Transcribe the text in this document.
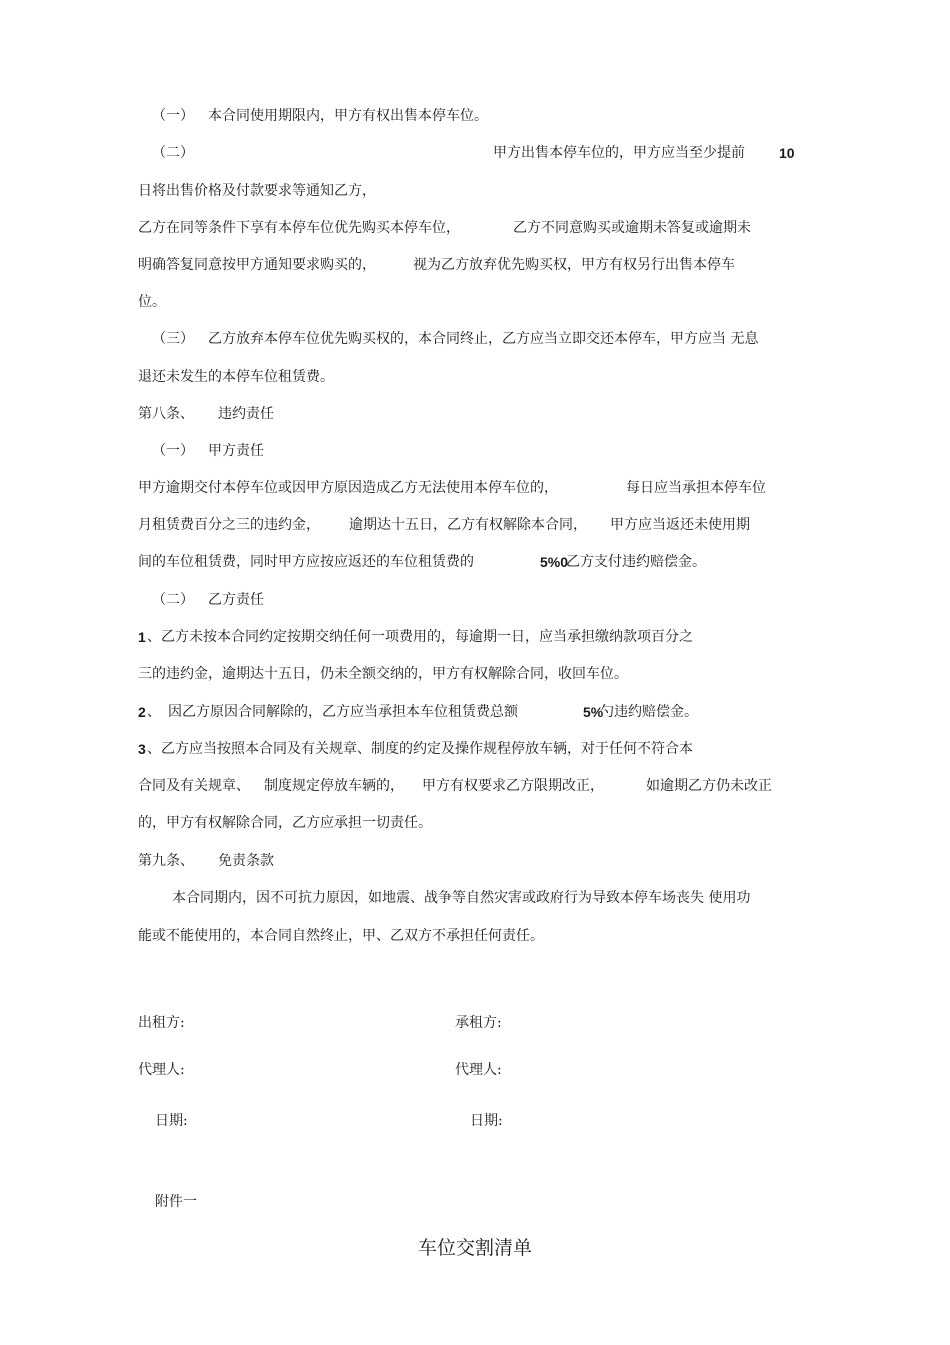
（一） 本合同使用期限内，甲方有权出售本停车位。
（二）	甲方出售本停车位的，甲方应当至少提前 10
日将出售价格及付款要求等通知乙方，
乙方在同等条件下享有本停车位优先购买本停车位，	乙方不同意购买或逾期未答复或逾期未
明确答复同意按甲方通知要求购买的，	视为乙方放弃优先购买权，甲方有权另行出售本停车
位。
（三） 乙方放弃本停车位优先购买权的，本合同终止，乙方应当立即交还本停车，甲方应当 无息
退还未发生的本停车位租赁费。
第八条、 违约责任
（一） 甲方责任
甲方逾期交付本停车位或因甲方原因造成乙方无法使用本停车位的，	每日应当承担本停车位
月租赁费百分之三的违约金， 逾期达十五日，乙方有权解除本合同， 甲方应当返还未使用期
间的车位租赁费，同时甲方应按应返还的车位租赁费的	5%0
乙方支付违约赔偿金。
（二） 乙方责任
1 、乙方未按本合同约定按期交纳任何一项费用的，每逾期一日，应当承担缴纳款项百分之
三的违约金，逾期达十五日，仍未全额交纳的，甲方有权解除合同，收回车位。
2 、 因乙方原因合同解除的，乙方应当承担本车位租赁费总额	5%
勺违约赔偿金。
3 、乙方应当按照本合同及有关规章、制度的约定及操作规程停放车辆，对于任何不符合本
合同及有关规章、 制度规定停放车辆的， 甲方有权要求乙方限期改正，	如逾期乙方仍未改正
的，甲方有权解除合同，乙方应承担一切责任。
第九条、 免责条款
本合同期内，因不可抗力原因，如地震、战争等自然灾害或政府行为导致本停车场丧失 使用功
能或不能使用的，本合同自然终止，甲、乙双方不承担任何责任。
出租方:	承租方:
代理人:	代理人:
日期:	日期:
附件一
车位交割清单
